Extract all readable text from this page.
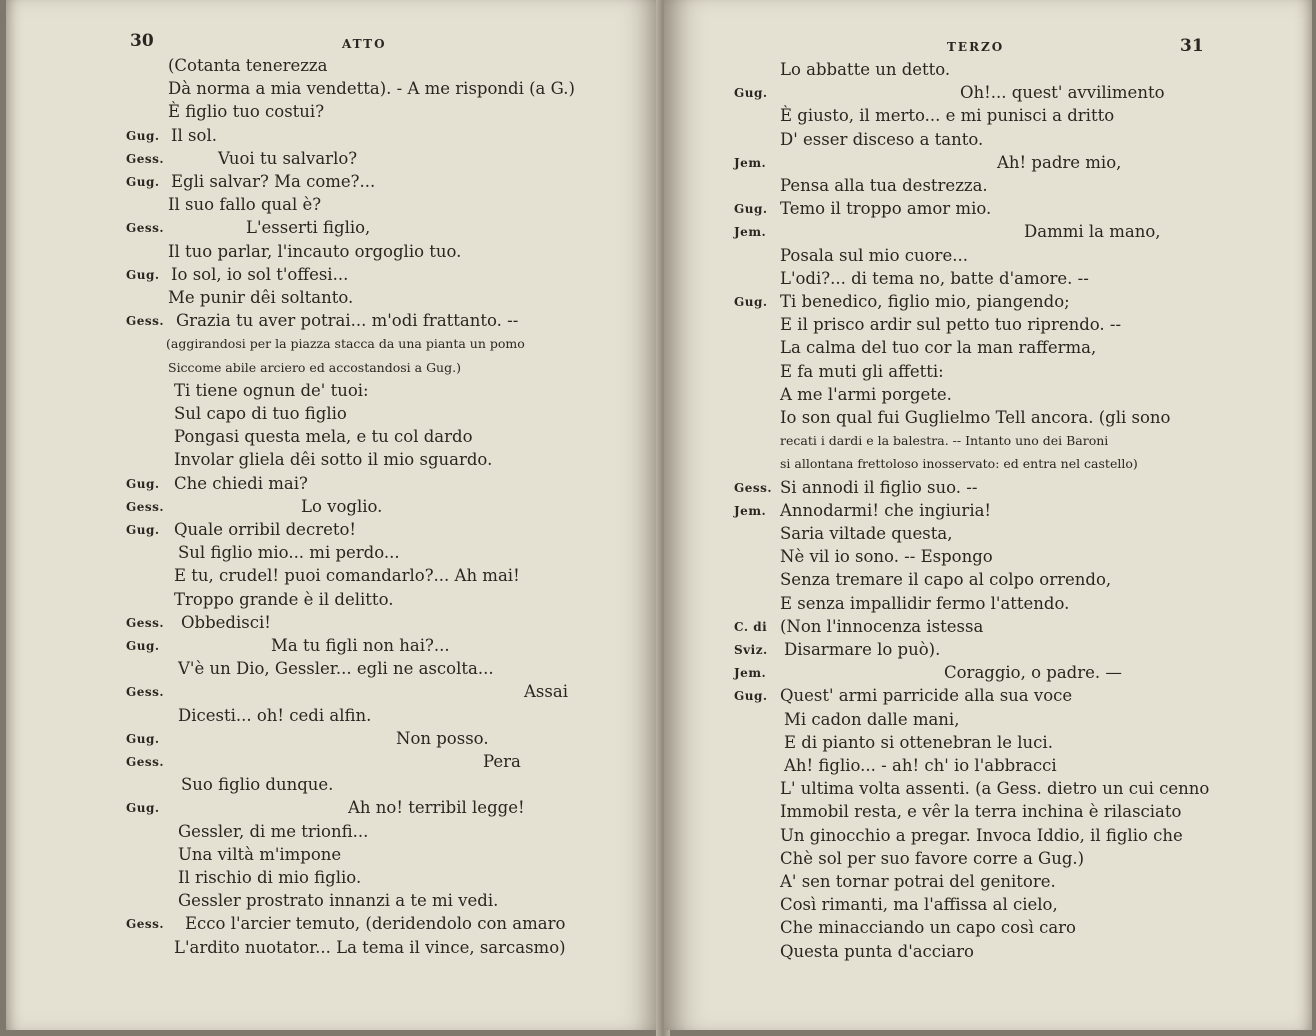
30	ATTO
(Cotanta tenerezza
Dà norma a mia vendetta). - A me rispondi (a G.)
È figlio tuo costui?
Gug. Il sol.
Gess.	Vuoi tu salvarlo?
Gug. Egli salvar? Ma come?...
Il suo fallo qual è?
Gess.	L'esserti figlio,
Il tuo parlar, l'incauto orgoglio tuo.
Gug. Io sol, io sol t'offesi...
Me punir dêi soltanto.
Gess. Grazia tu aver potrai... m'odi frattanto. --
(aggirandosi per la piazza stacca da una pianta un pomo
Siccome abile arciero ed accostandosi a Gug.)
Ti tiene ognun de' tuoi:
Sul capo di tuo figlio
Pongasi questa mela, e tu col dardo
Involar gliela dêi sotto il mio sguardo.
Gug. Che chiedi mai?
Gess.	Lo voglio.
Gug. Quale orribil decreto!
Sul figlio mio... mi perdo...
E tu, crudel! puoi comandarlo?... Ah mai!
Troppo grande è il delitto.
Gess. Obbedisci!
Gug.	Ma tu figli non hai?...
V'è un Dio, Gessler... egli ne ascolta...
Gess.	Assai
Dicesti... oh! cedi alfin.
Gug.	Non posso.
Gess.	Pera
Suo figlio dunque.
Gug.	Ah no! terribil legge!
Gessler, di me trionfi...
Una viltà m'impone
Il rischio di mio figlio.
Gessler prostrato innanzi a te mi vedi.
Gess. Ecco l'arcier temuto, (deridendolo con amaro
L'ardito nuotator... La tema il vince, sarcasmo)
TERZO	31
Lo abbatte un detto.
Gug.	Oh!... quest' avvilimento
È giusto, il merto... e mi punisci a dritto
D' esser disceso a tanto.
Jem.	Ah! padre mio,
Pensa alla tua destrezza.
Gug. Temo il troppo amor mio.
Jem.	Dammi la mano,
Posala sul mio cuore...
L'odi?... di tema no, batte d'amore. --
Gug. Ti benedico, figlio mio, piangendo;
E il prisco ardir sul petto tuo riprendo. --
La calma del tuo cor la man rafferma,
E fa muti gli affetti:
A me l'armi porgete.
Io son qual fui Guglielmo Tell ancora. (gli sono
recati i dardi e la balestra. -- Intanto uno dei Baroni
si allontana frettoloso inosservato: ed entra nel castello)
Gess. Si annodi il figlio suo. --
Jem. Annodarmi! che ingiuria!
Saria viltade questa,
Nè vil io sono. -- Espongo
Senza tremare il capo al colpo orrendo,
E senza impallidir fermo l'attendo.
C. di (Non l'innocenza istessa
Sviz. Disarmare lo può).
Jem.	Coraggio, o padre. —
Gug. Quest' armi parricide alla sua voce
Mi cadon dalle mani,
E di pianto si ottenebran le luci.
Ah! figlio... - ah! ch' io l'abbracci
L' ultima volta assenti. (a Gess. dietro un cui cenno
Immobil resta, e vêr la terra inchina è rilasciato
Un ginocchio a pregar. Invoca Iddio, il figlio che
Chè sol per suo favore corre a Gug.)
A' sen tornar potrai del genitore.
Così rimanti, ma l'affissa al cielo,
Che minacciando un capo così caro
Questa punta d'acciaro
